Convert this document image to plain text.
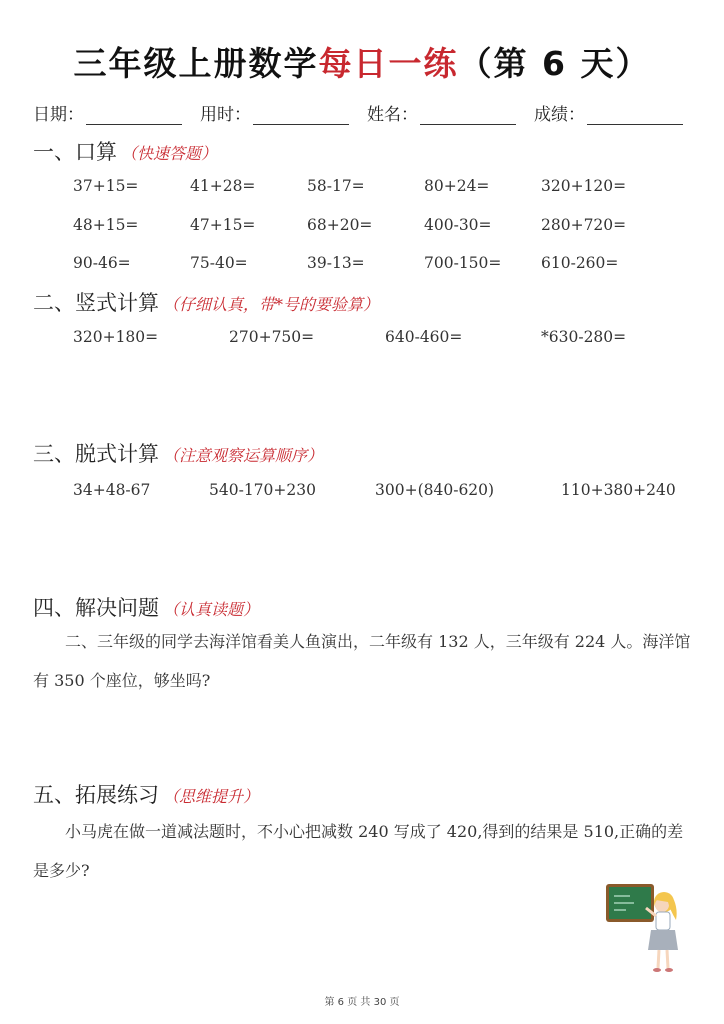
三年级上册数学每日一练（第 6 天）
日期：	用时：	姓名：	成绩：
一、口算 （快速答题）
37+15=	41+28=	58-17=	80+24=	320+120=
48+15=	47+15=	68+20=	400-30=	280+720=
90-46=	75-40=	39-13=	700-150=	610-260=
二、竖式计算 （仔细认真，带*号的要验算）
320+180=	270+750=	640-460=	*630-280=
三、脱式计算 （注意观察运算顺序）
34+48-67	540-170+230	300+(840-620)	110+380+240
四、解决问题 （认真读题）
二、三年级的同学去海洋馆看美人鱼演出，二年级有 132 人，三年级有 224 人。海洋馆有 350 个座位，够坐吗?
五、拓展练习 （思维提升）
小马虎在做一道减法题时，不小心把减数 240 写成了 420,得到的结果是 510,正确的差是多少?
第 6 页 共 30 页
